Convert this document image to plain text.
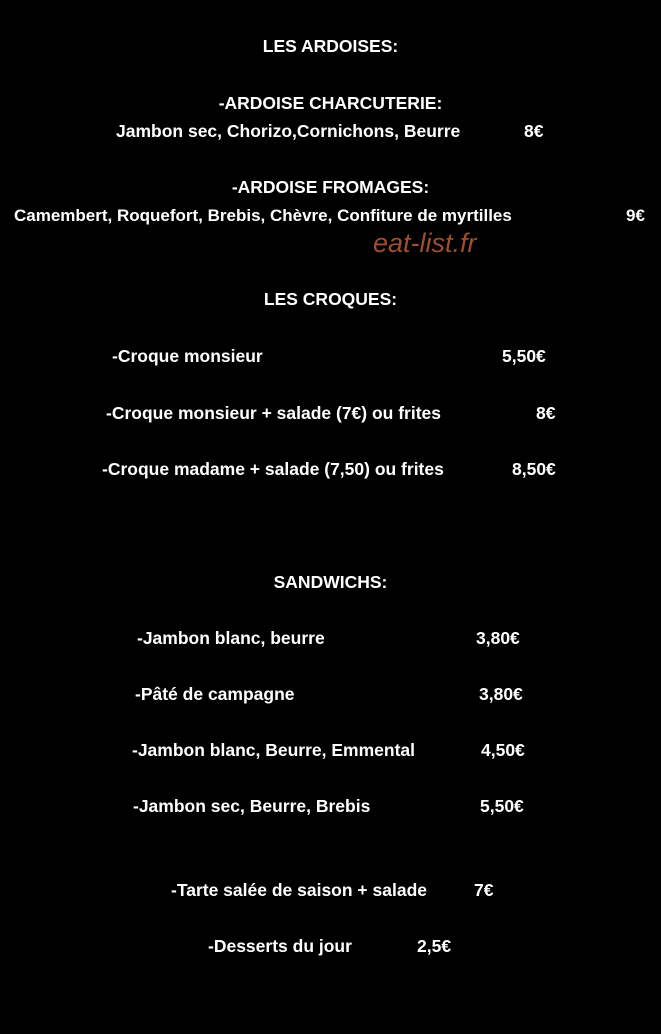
LES ARDOISES:
-ARDOISE CHARCUTERIE:
Jambon sec, Chorizo,Cornichons, Beurre	8€
-ARDOISE FROMAGES:
Camembert, Roquefort, Brebis, Chèvre, Confiture de myrtilles	9€
eat-list.fr
LES CROQUES:
-Croque monsieur	5,50€
-Croque monsieur + salade (7€) ou frites	8€
-Croque madame + salade (7,50) ou frites	8,50€
SANDWICHS:
-Jambon blanc, beurre	3,80€
-Pâté de campagne	3,80€
-Jambon blanc, Beurre, Emmental	4,50€
-Jambon sec, Beurre, Brebis	5,50€
-Tarte salée de saison + salade	7€
-Desserts du jour	2,5€
